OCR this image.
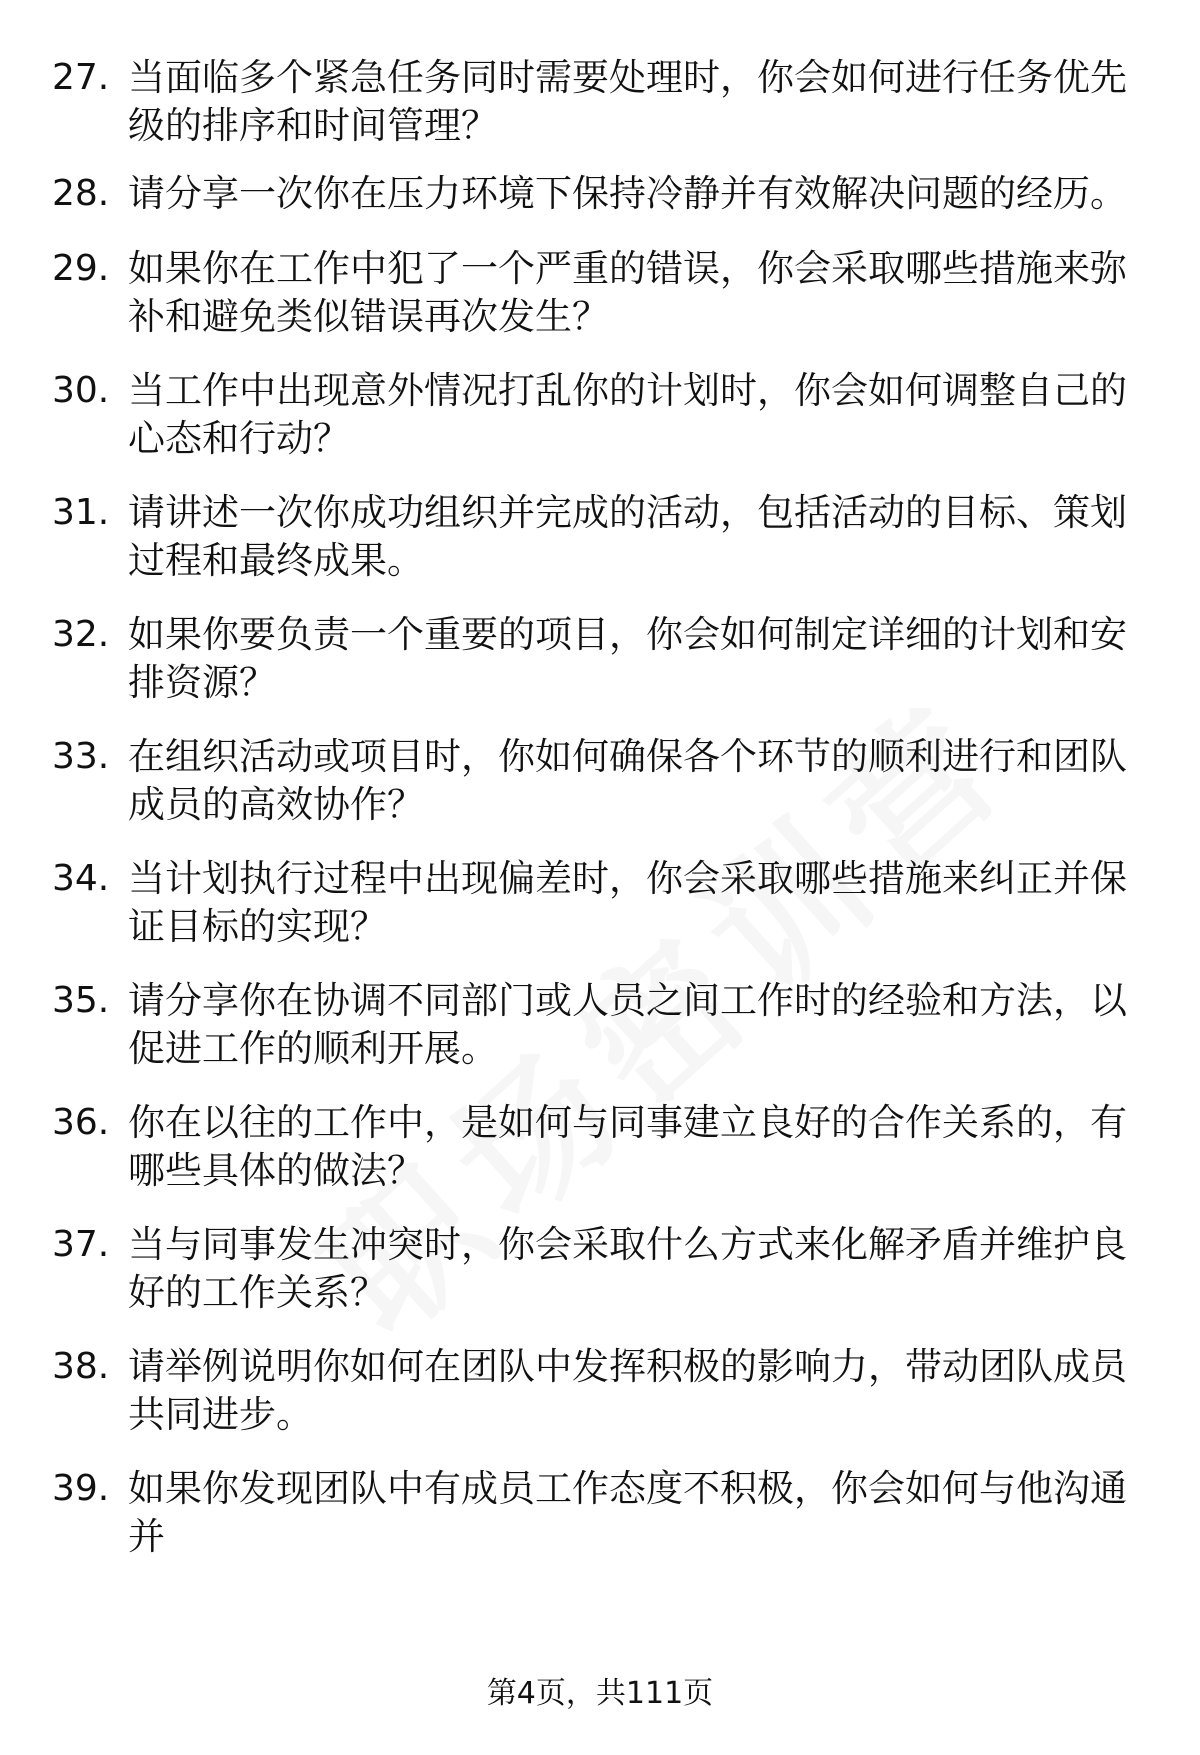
27. 当面临多个紧急任务同时需要处理时，你会如何进行任务优先级的排序和时间管理？
28. 请分享一次你在压力环境下保持冷静并有效解决问题的经历。
29. 如果你在工作中犯了一个严重的错误，你会采取哪些措施来弥补和避免类似错误再次发生？
30. 当工作中出现意外情况打乱你的计划时，你会如何调整自己的心态和行动？
31. 请讲述一次你成功组织并完成的活动，包括活动的目标、策划过程和最终成果。
32. 如果你要负责一个重要的项目，你会如何制定详细的计划和安排资源？
33. 在组织活动或项目时，你如何确保各个环节的顺利进行和团队成员的高效协作？
34. 当计划执行过程中出现偏差时，你会采取哪些措施来纠正并保证目标的实现？
35. 请分享你在协调不同部门或人员之间工作时的经验和方法，以促进工作的顺利开展。
36. 你在以往的工作中，是如何与同事建立良好的合作关系的，有哪些具体的做法？
37. 当与同事发生冲突时，你会采取什么方式来化解矛盾并维护良好的工作关系？
38. 请举例说明你如何在团队中发挥积极的影响力，带动团队成员共同进步。
39. 如果你发现团队中有成员工作态度不积极，你会如何与他沟通并
第4页，共111页
